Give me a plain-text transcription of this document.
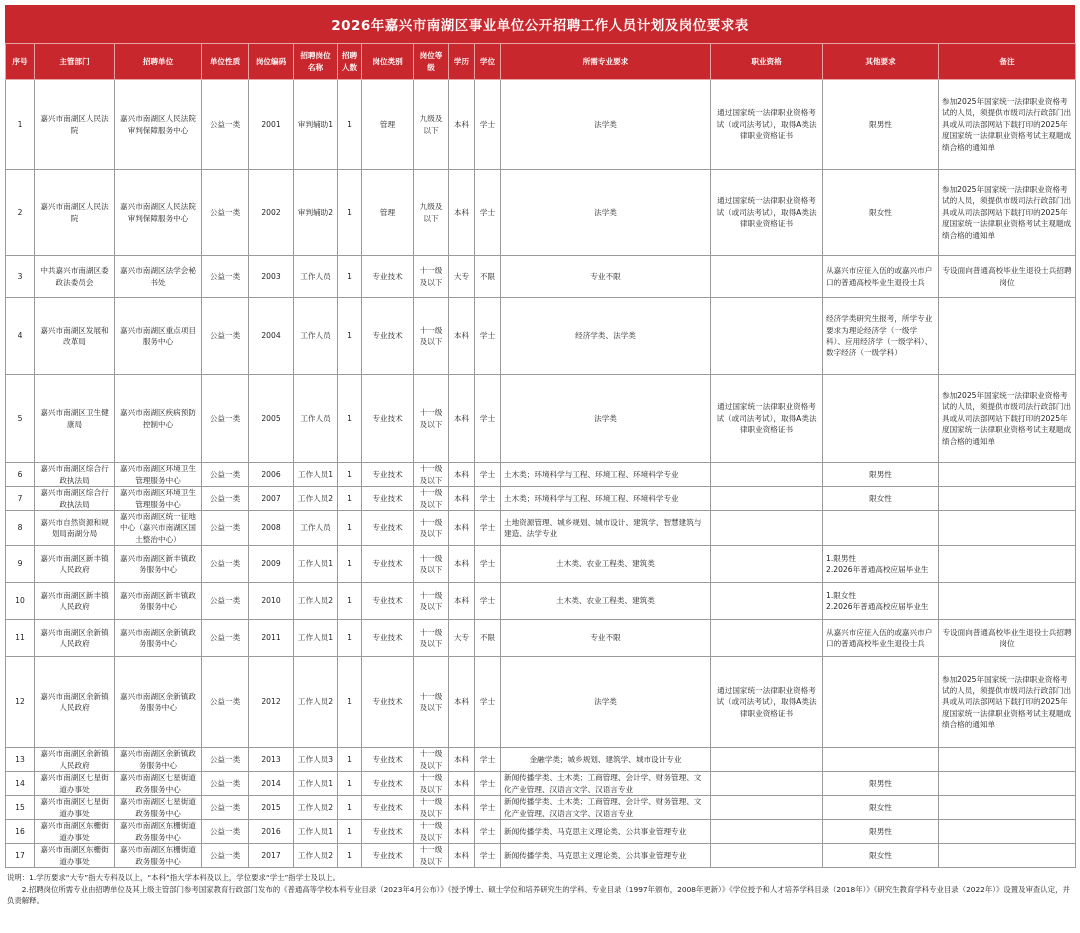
2026年嘉兴市南湖区事业单位公开招聘工作人员计划及岗位要求表
序号	主管部门	招聘单位	单位性质	岗位编码	招聘岗位名称	招聘人数	岗位类别	岗位等级	学历	学位	所需专业要求	职业资格	其他要求	备注
1	嘉兴市南湖区人民法院	嘉兴市南湖区人民法院审判保障服务中心	公益一类	2001	审判辅助1	1	管理	九级及以下	本科	学士	法学类	通过国家统一法律职业资格考试（或司法考试），取得A类法律职业资格证书	限男性	参加2025年国家统一法律职业资格考试的人员，须提供市级司法行政部门出具或从司法部网站下载打印的2025年度国家统一法律职业资格考试主观题成绩合格的通知单
2	嘉兴市南湖区人民法院	嘉兴市南湖区人民法院审判保障服务中心	公益一类	2002	审判辅助2	1	管理	九级及以下	本科	学士	法学类	通过国家统一法律职业资格考试（或司法考试），取得A类法律职业资格证书	限女性	参加2025年国家统一法律职业资格考试的人员，须提供市级司法行政部门出具或从司法部网站下载打印的2025年度国家统一法律职业资格考试主观题成绩合格的通知单
3	中共嘉兴市南湖区委政法委员会	嘉兴市南湖区法学会秘书处	公益一类	2003	工作人员	1	专业技术	十一级及以下	大专	不限	专业不限		从嘉兴市应征入伍的或嘉兴市户口的普通高校毕业生退役士兵	专设面向普通高校毕业生退役士兵招聘岗位
4	嘉兴市南湖区发展和改革局	嘉兴市南湖区重点项目服务中心	公益一类	2004	工作人员	1	专业技术	十一级及以下	本科	学士	经济学类、法学类		经济学类研究生报考，所学专业要求为理论经济学（一级学科）、应用经济学（一级学科）、数字经济（一级学科）	
5	嘉兴市南湖区卫生健康局	嘉兴市南湖区疾病预防控制中心	公益一类	2005	工作人员	1	专业技术	十一级及以下	本科	学士	法学类	通过国家统一法律职业资格考试（或司法考试），取得A类法律职业资格证书		参加2025年国家统一法律职业资格考试的人员，须提供市级司法行政部门出具或从司法部网站下载打印的2025年度国家统一法律职业资格考试主观题成绩合格的通知单
6	嘉兴市南湖区综合行政执法局	嘉兴市南湖区环境卫生管理服务中心	公益一类	2006	工作人员1	1	专业技术	十一级及以下	本科	学士	土木类；环境科学与工程、环境工程、环境科学专业		限男性	
7	嘉兴市南湖区综合行政执法局	嘉兴市南湖区环境卫生管理服务中心	公益一类	2007	工作人员2	1	专业技术	十一级及以下	本科	学士	土木类；环境科学与工程、环境工程、环境科学专业		限女性	
8	嘉兴市自然资源和规划局南湖分局	嘉兴市南湖区统一征地中心（嘉兴市南湖区国土整治中心）	公益一类	2008	工作人员	1	专业技术	十一级及以下	本科	学士	土地资源管理、城乡规划、城市设计、建筑学、智慧建筑与建造、法学专业			
9	嘉兴市南湖区新丰镇人民政府	嘉兴市南湖区新丰镇政务服务中心	公益一类	2009	工作人员1	1	专业技术	十一级及以下	本科	学士	土木类、农业工程类、建筑类		1.限男性
2.2026年普通高校应届毕业生	
10	嘉兴市南湖区新丰镇人民政府	嘉兴市南湖区新丰镇政务服务中心	公益一类	2010	工作人员2	1	专业技术	十一级及以下	本科	学士	土木类、农业工程类、建筑类		1.限女性
2.2026年普通高校应届毕业生	
11	嘉兴市南湖区余新镇人民政府	嘉兴市南湖区余新镇政务服务中心	公益一类	2011	工作人员1	1	专业技术	十一级及以下	大专	不限	专业不限		从嘉兴市应征入伍的或嘉兴市户口的普通高校毕业生退役士兵	专设面向普通高校毕业生退役士兵招聘岗位
12	嘉兴市南湖区余新镇人民政府	嘉兴市南湖区余新镇政务服务中心	公益一类	2012	工作人员2	1	专业技术	十一级及以下	本科	学士	法学类	通过国家统一法律职业资格考试（或司法考试），取得A类法律职业资格证书		参加2025年国家统一法律职业资格考试的人员，须提供市级司法行政部门出具或从司法部网站下载打印的2025年度国家统一法律职业资格考试主观题成绩合格的通知单
13	嘉兴市南湖区余新镇人民政府	嘉兴市南湖区余新镇政务服务中心	公益一类	2013	工作人员3	1	专业技术	十一级及以下	本科	学士	金融学类；城乡规划、建筑学、城市设计专业			
14	嘉兴市南湖区七星街道办事处	嘉兴市南湖区七星街道政务服务中心	公益一类	2014	工作人员1	1	专业技术	十一级及以下	本科	学士	新闻传播学类、土木类；工商管理、会计学、财务管理、文化产业管理、汉语言文学、汉语言专业		限男性	
15	嘉兴市南湖区七星街道办事处	嘉兴市南湖区七星街道政务服务中心	公益一类	2015	工作人员2	1	专业技术	十一级及以下	本科	学士	新闻传播学类、土木类；工商管理、会计学、财务管理、文化产业管理、汉语言文学、汉语言专业		限女性	
16	嘉兴市南湖区东栅街道办事处	嘉兴市南湖区东栅街道政务服务中心	公益一类	2016	工作人员1	1	专业技术	十一级及以下	本科	学士	新闻传播学类、马克思主义理论类、公共事业管理专业		限男性	
17	嘉兴市南湖区东栅街道办事处	嘉兴市南湖区东栅街道政务服务中心	公益一类	2017	工作人员2	1	专业技术	十一级及以下	本科	学士	新闻传播学类、马克思主义理论类、公共事业管理专业		限女性	
说明：1.学历要求“大专”指大专科及以上，“本科”指大学本科及以上，学位要求“学士”指学士及以上。
　　2.招聘岗位所需专业由招聘单位及其上级主管部门参考国家教育行政部门发布的《普通高等学校本科专业目录（2023年4月公布）》《授予博士、硕士学位和培养研究生的学科、专业目录（1997年颁布，2008年更新）》《学位授予和人才培养学科目录（2018年）》《研究生教育学科专业目录（2022年）》设置及审查认定，并负责解释。
